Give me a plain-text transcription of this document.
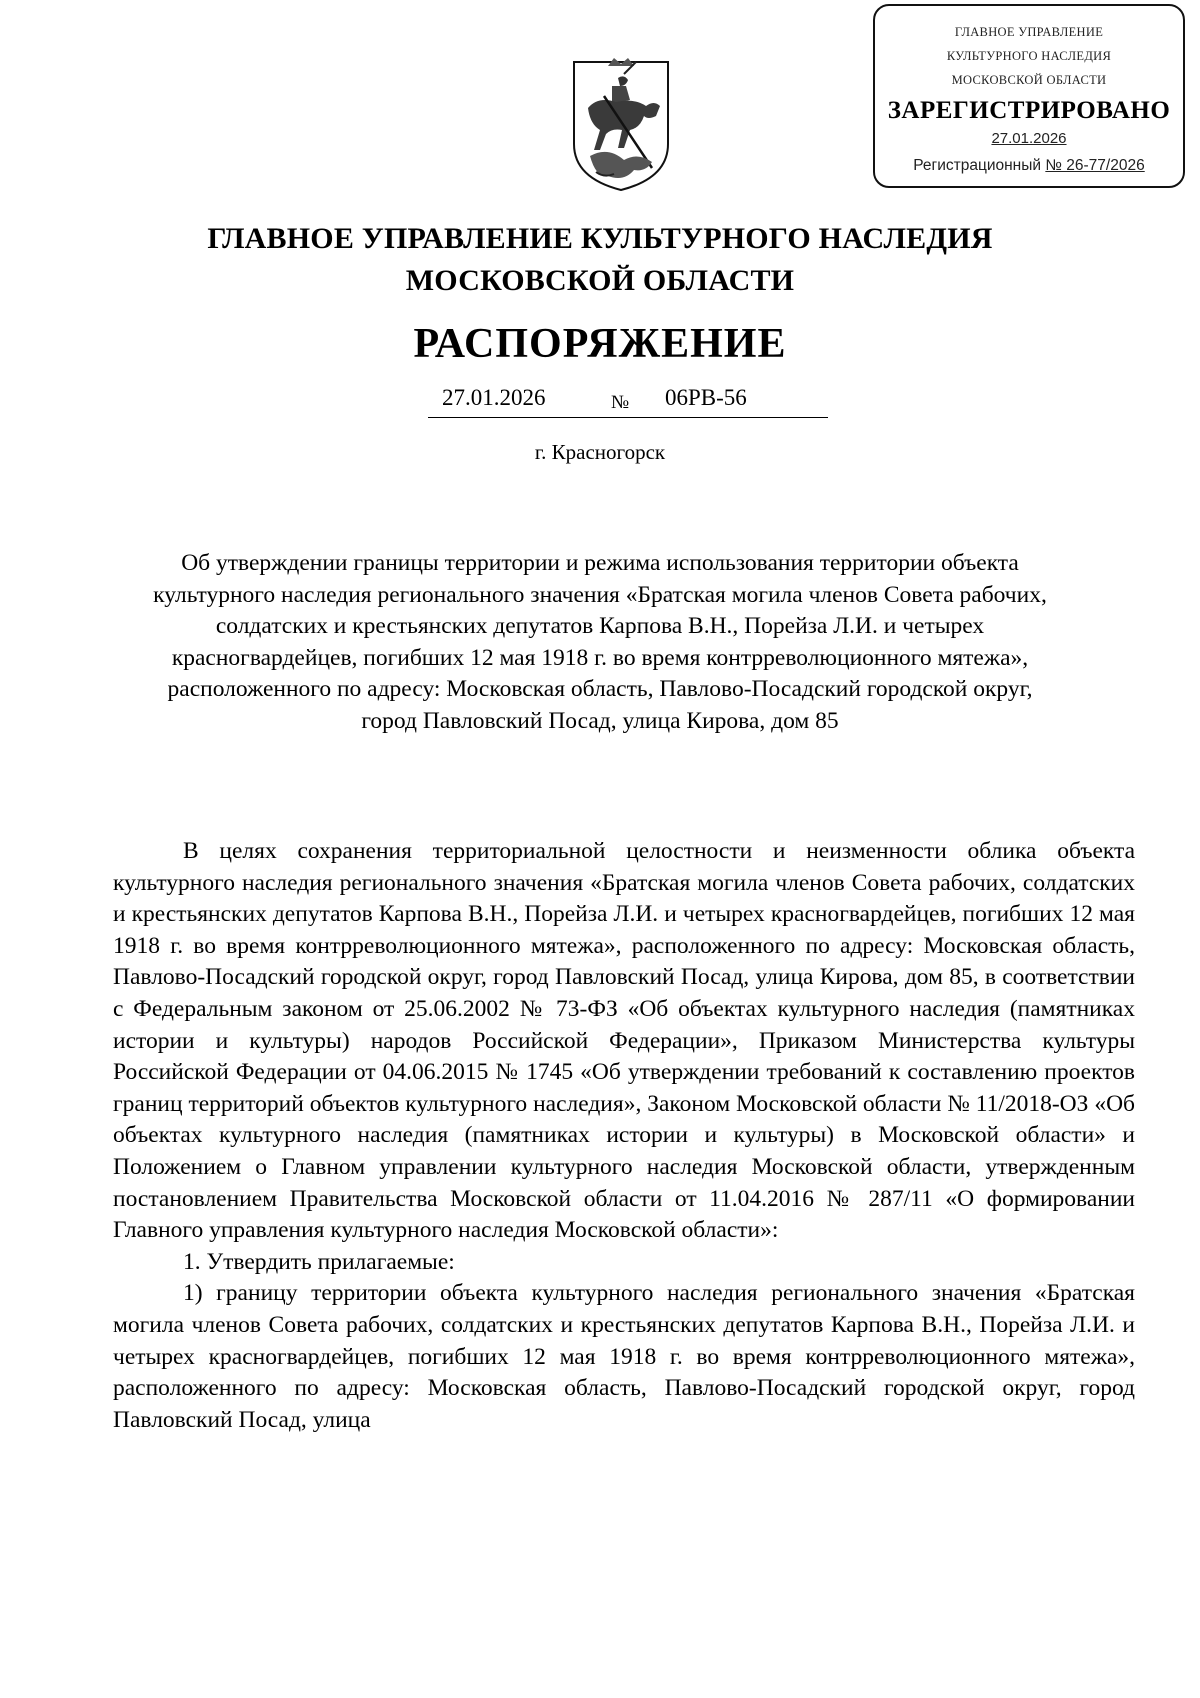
ГЛАВНОЕ УПРАВЛЕНИЕ
КУЛЬТУРНОГО НАСЛЕДИЯ
МОСКОВСКОЙ ОБЛАСТИ
ЗАРЕГИСТРИРОВАНО
27.01.2026
Регистрационный № 26-77/2026
ГЛАВНОЕ УПРАВЛЕНИЕ КУЛЬТУРНОГО НАСЛЕДИЯ
МОСКОВСКОЙ ОБЛАСТИ
РАСПОРЯЖЕНИЕ
27.01.2026	№ 06РВ-56
г. Красногорск
Об утверждении границы территории и режима использования территории объекта культурного наследия регионального значения «Братская могила членов Совета рабочих, солдатских и крестьянских депутатов Карпова В.Н., Порейза Л.И. и четырех красногвардейцев, погибших 12 мая 1918 г. во время контрреволюционного мятежа», расположенного по адресу: Московская область, Павлово-Посадский городской округ, город Павловский Посад, улица Кирова, дом 85

В целях сохранения территориальной целостности и неизменности облика объекта культурного наследия регионального значения «Братская могила членов Совета рабочих, солдатских и крестьянских депутатов Карпова В.Н., Порейза Л.И. и четырех красногвардейцев, погибших 12 мая 1918 г. во время контрреволюционного мятежа», расположенного по адресу: Московская область, Павлово-Посадский городской округ, город Павловский Посад, улица Кирова, дом 85, в соответствии с Федеральным законом от 25.06.2002 № 73-ФЗ «Об объектах культурного наследия (памятниках истории и культуры) народов Российской Федерации», Приказом Министерства культуры Российской Федерации от 04.06.2015 № 1745 «Об утверждении требований к составлению проектов границ территорий объектов культурного наследия», Законом Московской области № 11/2018-ОЗ «Об объектах культурного наследия (памятниках истории и культуры) в Московской области» и Положением о Главном управлении культурного наследия Московской области, утвержденным постановлением Правительства Московской области от 11.04.2016 № 287/11 «О формировании Главного управления культурного наследия Московской области»:

1. Утвердить прилагаемые:

1) границу территории объекта культурного наследия регионального значения «Братская могила членов Совета рабочих, солдатских и крестьянских депутатов Карпова В.Н., Порейза Л.И. и четырех красногвардейцев, погибших 12 мая 1918 г. во время контрреволюционного мятежа», расположенного по адресу: Московская область, Павлово-Посадский городской округ, город Павловский Посад, улица
